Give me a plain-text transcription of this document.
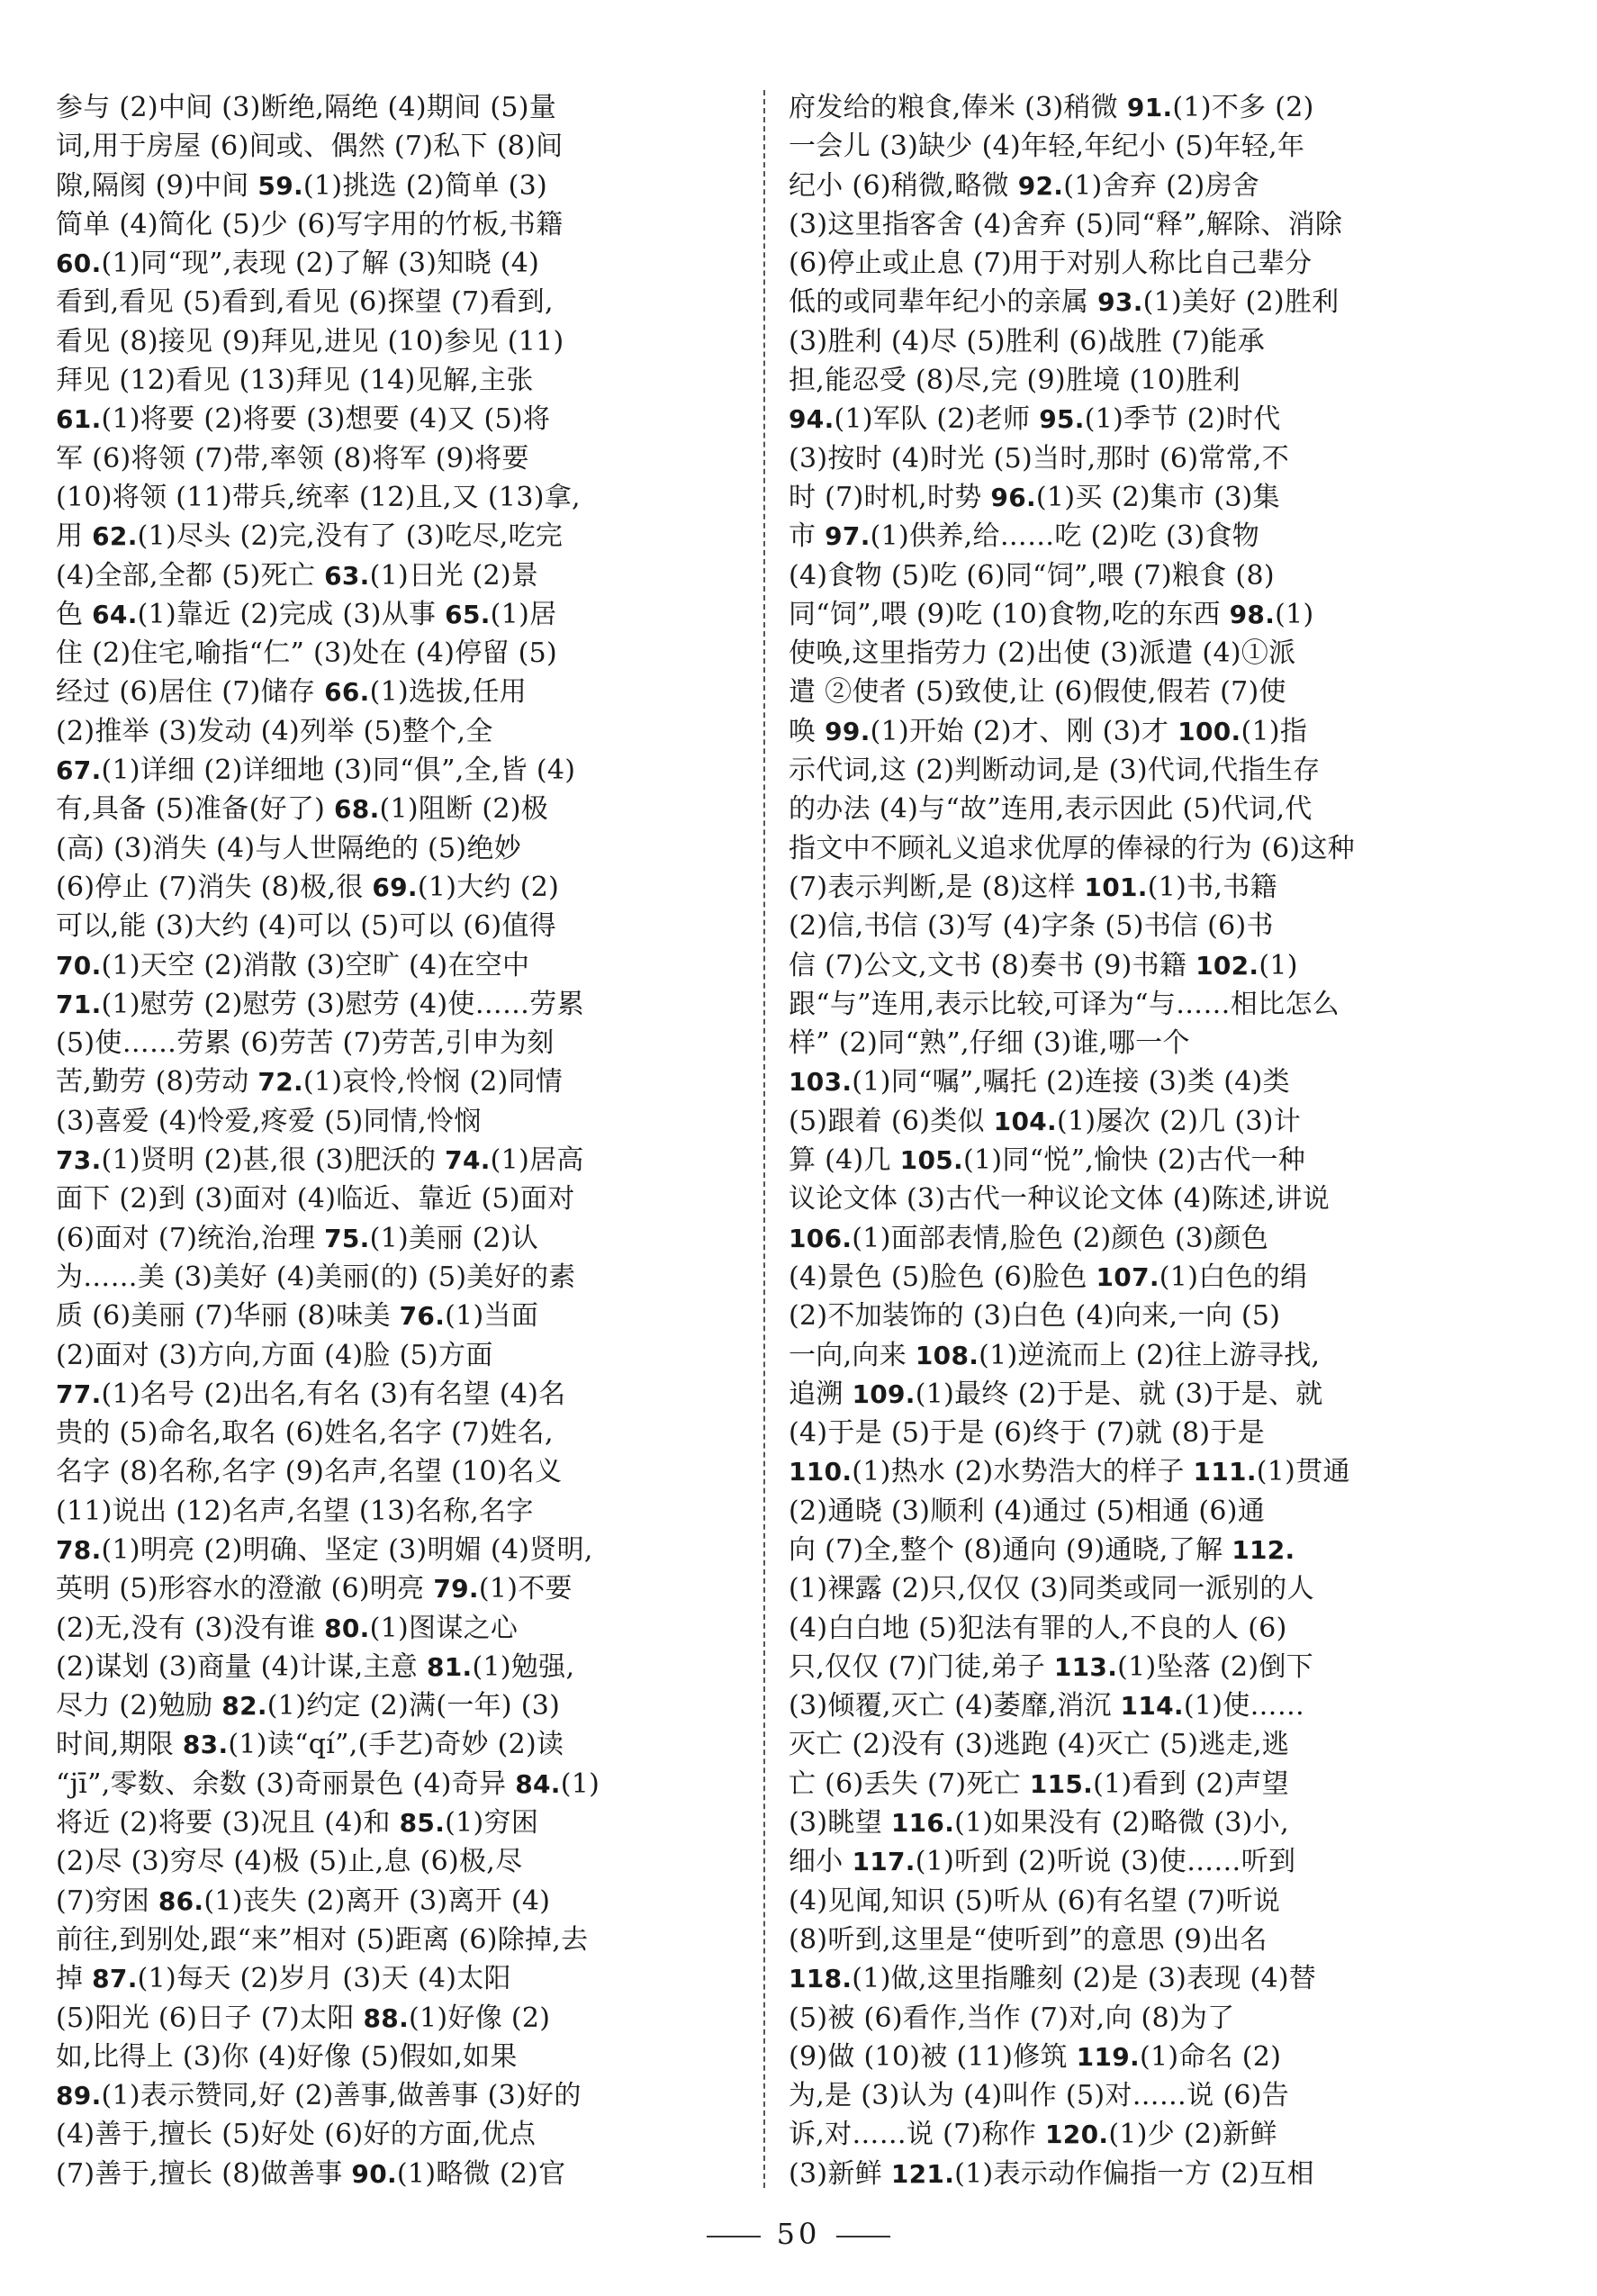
参与 (2)中间 (3)断绝,隔绝 (4)期间 (5)量
词,用于房屋 (6)间或、偶然 (7)私下 (8)间
隙,隔阂 (9)中间 59.(1)挑选 (2)简单 (3)
简单 (4)简化 (5)少 (6)写字用的竹板,书籍
60.(1)同“现”,表现 (2)了解 (3)知晓 (4)
看到,看见 (5)看到,看见 (6)探望 (7)看到,
看见 (8)接见 (9)拜见,进见 (10)参见 (11)
拜见 (12)看见 (13)拜见 (14)见解,主张
61.(1)将要 (2)将要 (3)想要 (4)又 (5)将
军 (6)将领 (7)带,率领 (8)将军 (9)将要
(10)将领 (11)带兵,统率 (12)且,又 (13)拿,
用 62.(1)尽头 (2)完,没有了 (3)吃尽,吃完
(4)全部,全都 (5)死亡 63.(1)日光 (2)景
色 64.(1)靠近 (2)完成 (3)从事 65.(1)居
住 (2)住宅,喻指“仁” (3)处在 (4)停留 (5)
经过 (6)居住 (7)储存 66.(1)选拔,任用
(2)推举 (3)发动 (4)列举 (5)整个,全
67.(1)详细 (2)详细地 (3)同“俱”,全,皆 (4)
有,具备 (5)准备(好了) 68.(1)阻断 (2)极
(高) (3)消失 (4)与人世隔绝的 (5)绝妙
(6)停止 (7)消失 (8)极,很 69.(1)大约 (2)
可以,能 (3)大约 (4)可以 (5)可以 (6)值得
70.(1)天空 (2)消散 (3)空旷 (4)在空中
71.(1)慰劳 (2)慰劳 (3)慰劳 (4)使……劳累
(5)使……劳累 (6)劳苦 (7)劳苦,引申为刻
苦,勤劳 (8)劳动 72.(1)哀怜,怜悯 (2)同情
(3)喜爱 (4)怜爱,疼爱 (5)同情,怜悯
73.(1)贤明 (2)甚,很 (3)肥沃的 74.(1)居高
面下 (2)到 (3)面对 (4)临近、靠近 (5)面对
(6)面对 (7)统治,治理 75.(1)美丽 (2)认
为……美 (3)美好 (4)美丽(的) (5)美好的素
质 (6)美丽 (7)华丽 (8)味美 76.(1)当面
(2)面对 (3)方向,方面 (4)脸 (5)方面
77.(1)名号 (2)出名,有名 (3)有名望 (4)名
贵的 (5)命名,取名 (6)姓名,名字 (7)姓名,
名字 (8)名称,名字 (9)名声,名望 (10)名义
(11)说出 (12)名声,名望 (13)名称,名字
78.(1)明亮 (2)明确、坚定 (3)明媚 (4)贤明,
英明 (5)形容水的澄澈 (6)明亮 79.(1)不要
(2)无,没有 (3)没有谁 80.(1)图谋之心
(2)谋划 (3)商量 (4)计谋,主意 81.(1)勉强,
尽力 (2)勉励 82.(1)约定 (2)满(一年) (3)
时间,期限 83.(1)读“qí”,(手艺)奇妙 (2)读
“jī”,零数、余数 (3)奇丽景色 (4)奇异 84.(1)
将近 (2)将要 (3)况且 (4)和 85.(1)穷困
(2)尽 (3)穷尽 (4)极 (5)止,息 (6)极,尽
(7)穷困 86.(1)丧失 (2)离开 (3)离开 (4)
前往,到别处,跟“来”相对 (5)距离 (6)除掉,去
掉 87.(1)每天 (2)岁月 (3)天 (4)太阳
(5)阳光 (6)日子 (7)太阳 88.(1)好像 (2)
如,比得上 (3)你 (4)好像 (5)假如,如果
89.(1)表示赞同,好 (2)善事,做善事 (3)好的
(4)善于,擅长 (5)好处 (6)好的方面,优点
(7)善于,擅长 (8)做善事 90.(1)略微 (2)官
府发给的粮食,俸米 (3)稍微 91.(1)不多 (2)
一会儿 (3)缺少 (4)年轻,年纪小 (5)年轻,年
纪小 (6)稍微,略微 92.(1)舍弃 (2)房舍
(3)这里指客舍 (4)舍弃 (5)同“释”,解除、消除
(6)停止或止息 (7)用于对别人称比自己辈分
低的或同辈年纪小的亲属 93.(1)美好 (2)胜利
(3)胜利 (4)尽 (5)胜利 (6)战胜 (7)能承
担,能忍受 (8)尽,完 (9)胜境 (10)胜利
94.(1)军队 (2)老师 95.(1)季节 (2)时代
(3)按时 (4)时光 (5)当时,那时 (6)常常,不
时 (7)时机,时势 96.(1)买 (2)集市 (3)集
市 97.(1)供养,给……吃 (2)吃 (3)食物
(4)食物 (5)吃 (6)同“饲”,喂 (7)粮食 (8)
同“饲”,喂 (9)吃 (10)食物,吃的东西 98.(1)
使唤,这里指劳力 (2)出使 (3)派遣 (4)①派
遣 ②使者 (5)致使,让 (6)假使,假若 (7)使
唤 99.(1)开始 (2)才、刚 (3)才 100.(1)指
示代词,这 (2)判断动词,是 (3)代词,代指生存
的办法 (4)与“故”连用,表示因此 (5)代词,代
指文中不顾礼义追求优厚的俸禄的行为 (6)这种
(7)表示判断,是 (8)这样 101.(1)书,书籍
(2)信,书信 (3)写 (4)字条 (5)书信 (6)书
信 (7)公文,文书 (8)奏书 (9)书籍 102.(1)
跟“与”连用,表示比较,可译为“与……相比怎么
样” (2)同“熟”,仔细 (3)谁,哪一个
103.(1)同“嘱”,嘱托 (2)连接 (3)类 (4)类
(5)跟着 (6)类似 104.(1)屡次 (2)几 (3)计
算 (4)几 105.(1)同“悦”,愉快 (2)古代一种
议论文体 (3)古代一种议论文体 (4)陈述,讲说
106.(1)面部表情,脸色 (2)颜色 (3)颜色
(4)景色 (5)脸色 (6)脸色 107.(1)白色的绢
(2)不加装饰的 (3)白色 (4)向来,一向 (5)
一向,向来 108.(1)逆流而上 (2)往上游寻找,
追溯 109.(1)最终 (2)于是、就 (3)于是、就
(4)于是 (5)于是 (6)终于 (7)就 (8)于是
110.(1)热水 (2)水势浩大的样子 111.(1)贯通
(2)通晓 (3)顺利 (4)通过 (5)相通 (6)通
向 (7)全,整个 (8)通向 (9)通晓,了解 112.
(1)裸露 (2)只,仅仅 (3)同类或同一派别的人
(4)白白地 (5)犯法有罪的人,不良的人 (6)
只,仅仅 (7)门徒,弟子 113.(1)坠落 (2)倒下
(3)倾覆,灭亡 (4)萎靡,消沉 114.(1)使……
灭亡 (2)没有 (3)逃跑 (4)灭亡 (5)逃走,逃
亡 (6)丢失 (7)死亡 115.(1)看到 (2)声望
(3)眺望 116.(1)如果没有 (2)略微 (3)小,
细小 117.(1)听到 (2)听说 (3)使……听到
(4)见闻,知识 (5)听从 (6)有名望 (7)听说
(8)听到,这里是“使听到”的意思 (9)出名
118.(1)做,这里指雕刻 (2)是 (3)表现 (4)替
(5)被 (6)看作,当作 (7)对,向 (8)为了
(9)做 (10)被 (11)修筑 119.(1)命名 (2)
为,是 (3)认为 (4)叫作 (5)对……说 (6)告
诉,对……说 (7)称作 120.(1)少 (2)新鲜
(3)新鲜 121.(1)表示动作偏指一方 (2)互相
50
